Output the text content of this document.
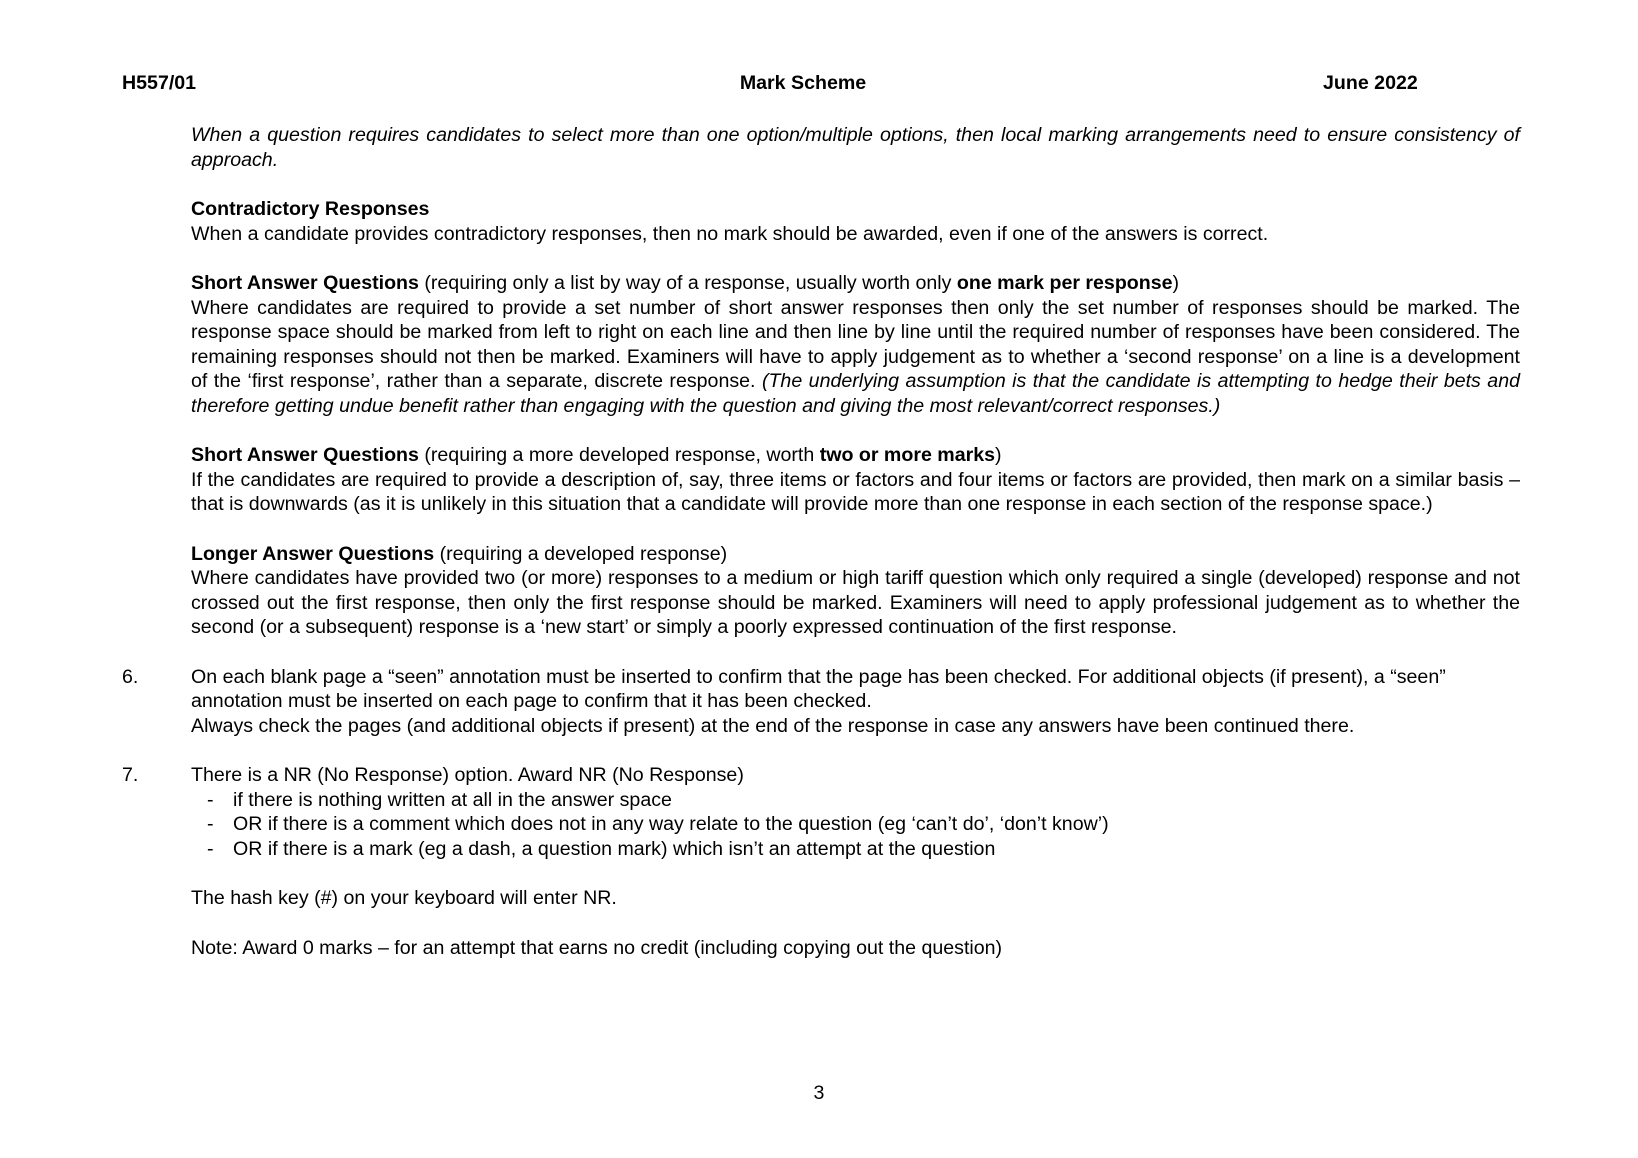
H557/01	Mark Scheme	June 2022

When a question requires candidates to select more than one option/multiple options, then local marking arrangements need to ensure consistency of approach.

Contradictory Responses

When a candidate provides contradictory responses, then no mark should be awarded, even if one of the answers is correct.

Short Answer Questions (requiring only a list by way of a response, usually worth only one mark per response)

Where candidates are required to provide a set number of short answer responses then only the set number of responses should be marked. The response space should be marked from left to right on each line and then line by line until the required number of responses have been considered. The remaining responses should not then be marked. Examiners will have to apply judgement as to whether a ‘second response’ on a line is a development of the ‘first response’, rather than a separate, discrete response. (The underlying assumption is that the candidate is attempting to hedge their bets and therefore getting undue benefit rather than engaging with the question and giving the most relevant/correct responses.)

Short Answer Questions (requiring a more developed response, worth two or more marks)

If the candidates are required to provide a description of, say, three items or factors and four items or factors are provided, then mark on a similar basis – that is downwards (as it is unlikely in this situation that a candidate will provide more than one response in each section of the response space.)

Longer Answer Questions (requiring a developed response)

Where candidates have provided two (or more) responses to a medium or high tariff question which only required a single (developed) response and not crossed out the first response, then only the first response should be marked. Examiners will need to apply professional judgement as to whether the second (or a subsequent) response is a ‘new start’ or simply a poorly expressed continuation of the first response.

6.	On each blank page a “seen” annotation must be inserted to confirm that the page has been checked. For additional objects (if present), a “seen” annotation must be inserted on each page to confirm that it has been checked.

Always check the pages (and additional objects if present) at the end of the response in case any answers have been continued there.

7.	There is a NR (No Response) option. Award NR (No Response)

- if there is nothing written at all in the answer space
- OR if there is a comment which does not in any way relate to the question (eg ‘can’t do’, ‘don’t know’)
- OR if there is a mark (eg a dash, a question mark) which isn’t an attempt at the question

The hash key (#) on your keyboard will enter NR.

Note: Award 0 marks – for an attempt that earns no credit (including copying out the question)

3
